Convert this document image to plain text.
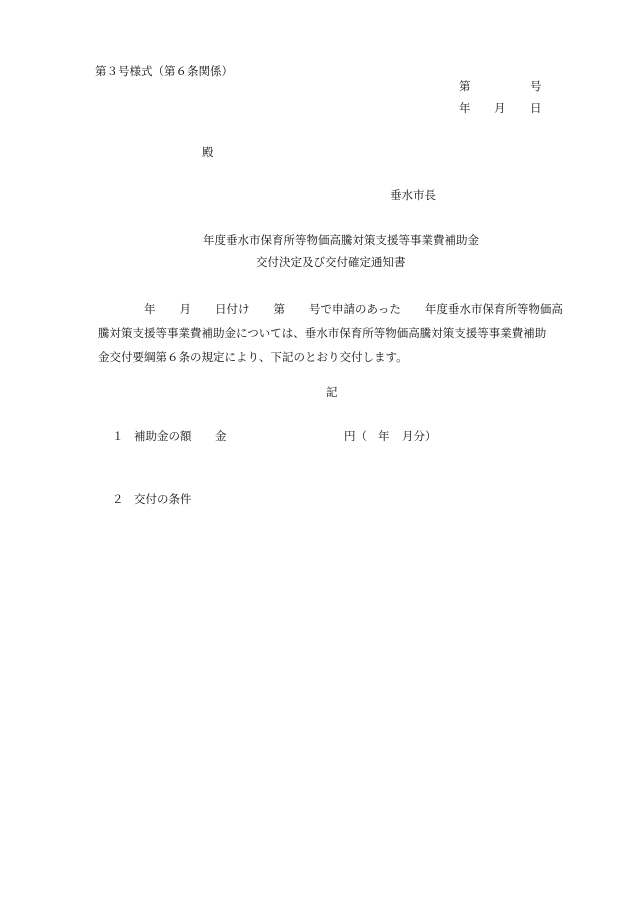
第３号様式（第６条関係）
第	号
年 月 日
殿
垂水市長
年度垂水市保育所等物価高騰対策支援等事業費補助金
交付決定及び交付確定通知書
年 月 日付け 第 号で申請のあった 年度垂水市保育所等物価高
騰対策支援等事業費補助金については、垂水市保育所等物価高騰対策支援等事業費補助
金交付要綱第６条の規定により、下記のとおり交付します。
記
１ 補助金の額 金	円（ 年 月分）
２ 交付の条件
